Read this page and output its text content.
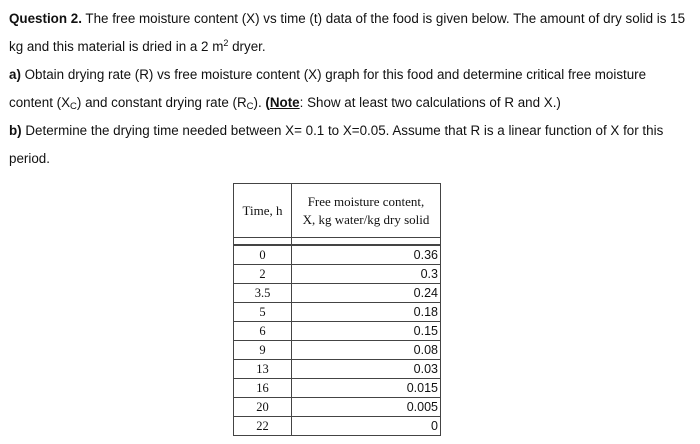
Question 2. The free moisture content (X) vs time (t) data of the food is given below. The amount of dry solid is 15 kg and this material is dried in a 2 $m^2$ dryer.
a) Obtain drying rate (R) vs free moisture content (X) graph for this food and determine critical free moisture content $(X_C)$ and constant drying rate $(R_C)$. (Note: Show at least two calculations of R and X.)
b) Determine the drying time needed between X= 0.1 to X=0.05. Assume that R is a linear function of X for this period.
Time, h	Free moisture content,
X, kg water/kg dry solid

0	0.36
2	0.3
3.5	0.24
5	0.18
6	0.15
9	0.08
13	0.03
16	0.015
20	0.005
22	0
